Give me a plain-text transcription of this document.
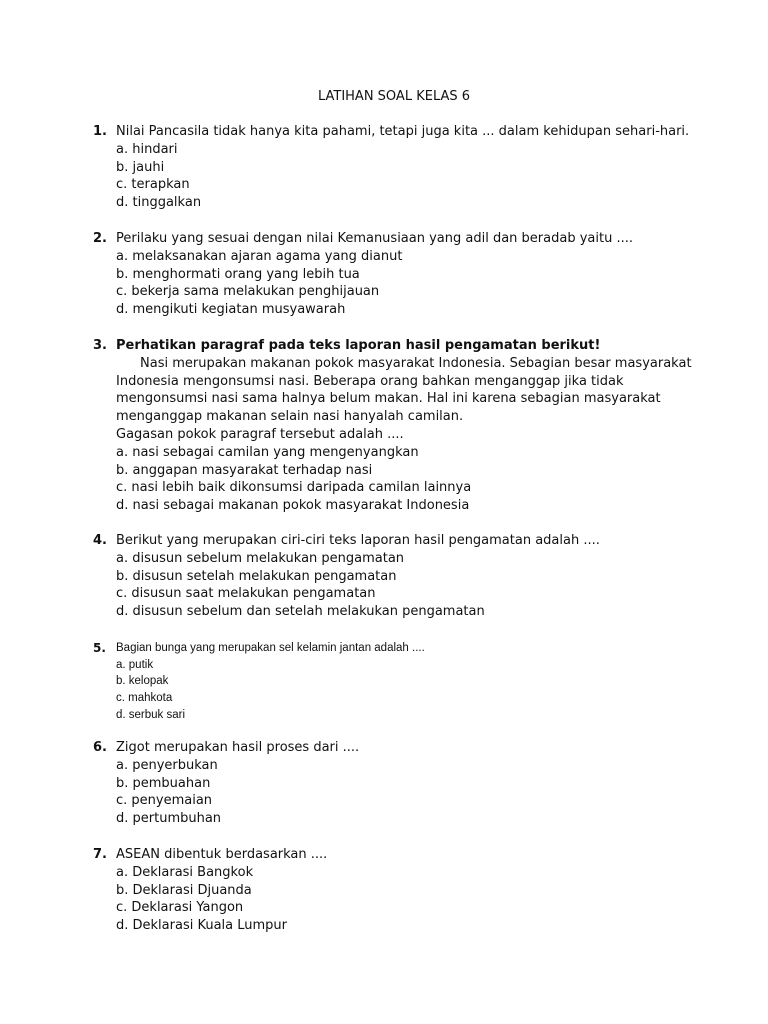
LATIHAN SOAL KELAS 6
1. Nilai Pancasila tidak hanya kita pahami, tetapi juga kita ... dalam kehidupan sehari-hari.
a. hindari
b. jauhi
c. terapkan
d. tinggalkan
2. Perilaku yang sesuai dengan nilai Kemanusiaan yang adil dan beradab yaitu ....
a. melaksanakan ajaran agama yang dianut
b. menghormati orang yang lebih tua
c. bekerja sama melakukan penghijauan
d. mengikuti kegiatan musyawarah
3. Perhatikan paragraf pada teks laporan hasil pengamatan berikut!
Nasi merupakan makanan pokok masyarakat Indonesia. Sebagian besar masyarakat
Indonesia mengonsumsi nasi. Beberapa orang bahkan menganggap jika tidak
mengonsumsi nasi sama halnya belum makan. Hal ini karena sebagian masyarakat
menganggap makanan selain nasi hanyalah camilan.
Gagasan pokok paragraf tersebut adalah ....
a. nasi sebagai camilan yang mengenyangkan
b. anggapan masyarakat terhadap nasi
c. nasi lebih baik dikonsumsi daripada camilan lainnya
d. nasi sebagai makanan pokok masyarakat Indonesia
4. Berikut yang merupakan ciri-ciri teks laporan hasil pengamatan adalah ....
a. disusun sebelum melakukan pengamatan
b. disusun setelah melakukan pengamatan
c. disusun saat melakukan pengamatan
d. disusun sebelum dan setelah melakukan pengamatan
5. Bagian bunga yang merupakan sel kelamin jantan adalah ....
a. putik
b. kelopak
c. mahkota
d. serbuk sari
6. Zigot merupakan hasil proses dari ....
a. penyerbukan
b. pembuahan
c. penyemaian
d. pertumbuhan
7. ASEAN dibentuk berdasarkan ....
a. Deklarasi Bangkok
b. Deklarasi Djuanda
c. Deklarasi Yangon
d. Deklarasi Kuala Lumpur
